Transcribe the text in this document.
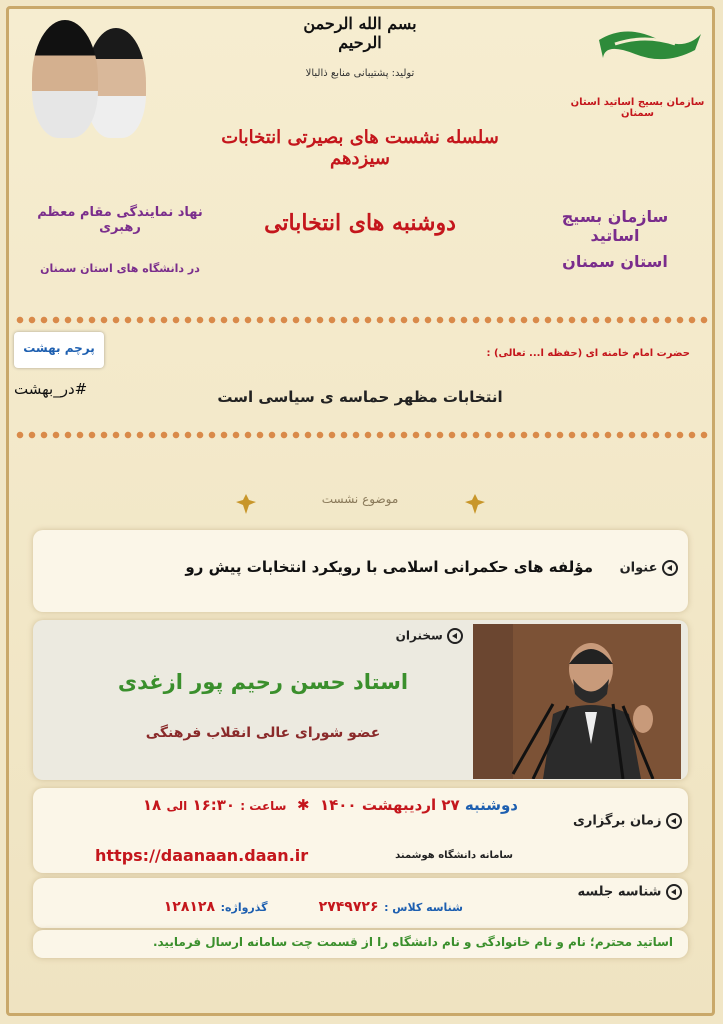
بسم الله الرحمن الرحیم
تولید: پشتیبانی منابع ذالبالا
سلسله نشست های بصیرتی انتخابات سیزدهم
دوشنبه های انتخاباتی
نهاد نمایندگی مقام معظم رهبری
در دانشگاه های استان سمنان
سازمان بسیج اساتید استان سمنان
سازمان بسیج اساتید
استان سمنان
پرچم بهشت
#در_بهشت
حضرت امام خامنه ای (حفظه ا... تعالی) :
انتخابات مظهر حماسه ی سیاسی است
موضوع نشست
عنوان
مؤلفه های حکمرانی اسلامی با رویکرد انتخابات پیش رو
سخنران
استاد حسن رحیم پور ازغدی
عضو شورای عالی انقلاب فرهنگی
دوشنبه ۲۷ اردیبهشت ۱۴۰۰  ✱  ساعت : ۱۶:۳۰ الی ۱۸
زمان برگزاری
https://daanaan.daan.ir	سامانه دانشگاه هوشمند
شناسه جلسه
شناسه کلاس : ۲۷۴۹۷۲۶  گذرواژه: ۱۲۸۱۲۸
اساتید محترم؛ نام و نام خانوادگی و نام دانشگاه را از قسمت چت سامانه ارسال فرمایید.
